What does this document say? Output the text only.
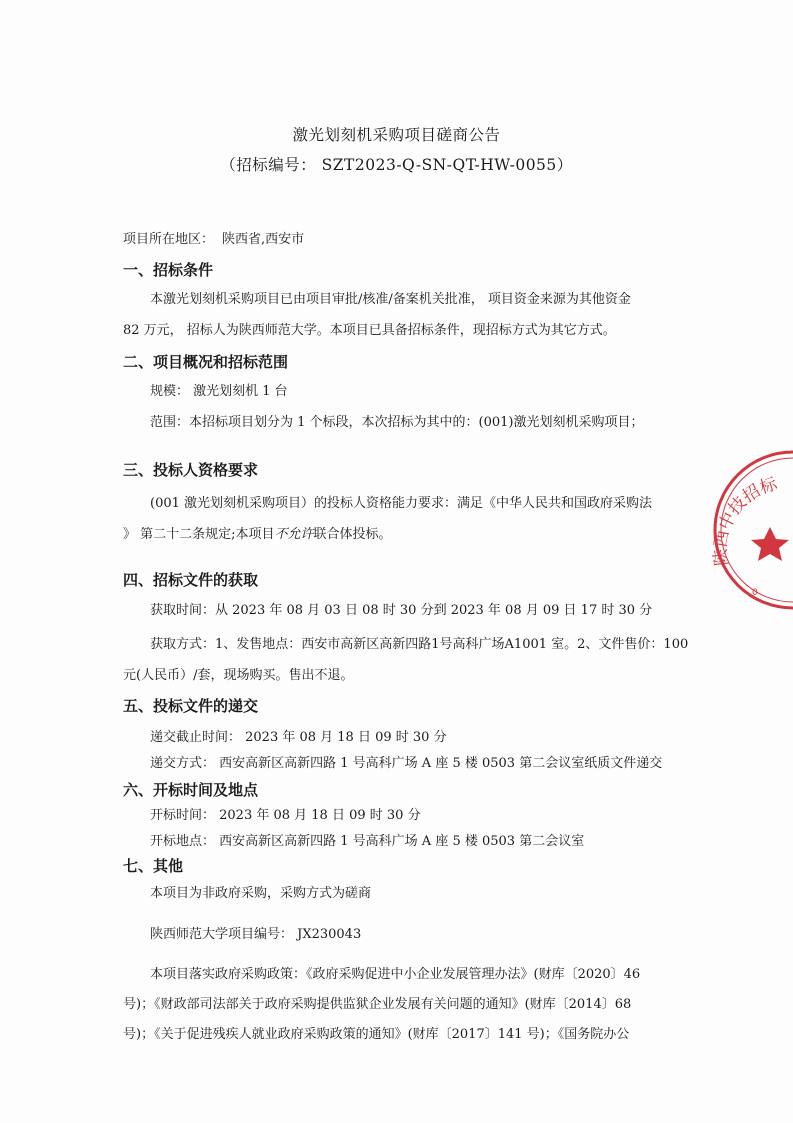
激光划刻机采购项目磋商公告
（招标编号： SZT2023-Q-SN-QT-HW-0055）
项目所在地区： 陕西省,西安市
一、招标条件
本激光划刻机采购项目已由项目审批/核准/备案机关批准， 项目资金来源为其他资金
82 万元， 招标人为陕西师范大学。本项目已具备招标条件，现招标方式为其它方式。
二、项目概况和招标范围
规模： 激光划刻机 1 台
范围：本招标项目划分为 1 个标段，本次招标为其中的：(001)激光划刻机采购项目；
三、投标人资格要求
(001 激光划刻机采购项目）的投标人资格能力要求：满足《中华人民共和国政府采购法
》 第二十二条规定;本项目不允许联合体投标。
四、招标文件的获取
获取时间：从 2023 年 08 月 03 日 08 时 30 分到 2023 年 08 月 09 日 17 时 30 分
获取方式：1、发售地点：西安市高新区高新四路1号高科广场A1001 室。2、文件售价：100
元(人民币）/套，现场购买。售出不退。
五、投标文件的递交
递交截止时间： 2023 年 08 月 18 日 09 时 30 分
递交方式： 西安高新区高新四路 1 号高科广场 A 座 5 楼 0503 第二会议室纸质文件递交
六、开标时间及地点
开标时间： 2023 年 08 月 18 日 09 时 30 分
开标地点： 西安高新区高新四路 1 号高科广场 A 座 5 楼 0503 第二会议室
七、其他
本项目为非政府采购，采购方式为磋商
陕西师范大学项目编号： JX230043
本项目落实政府采购政策：《政府采购促进中小企业发展管理办法》(财库〔2020〕46
号)；《财政部司法部关于政府采购提供监狱企业发展有关问题的通知》(财库〔2014〕68
号)；《关于促进残疾人就业政府采购政策的通知》(财库〔2017〕141 号)；《国务院办公
陕西中技招标
0
